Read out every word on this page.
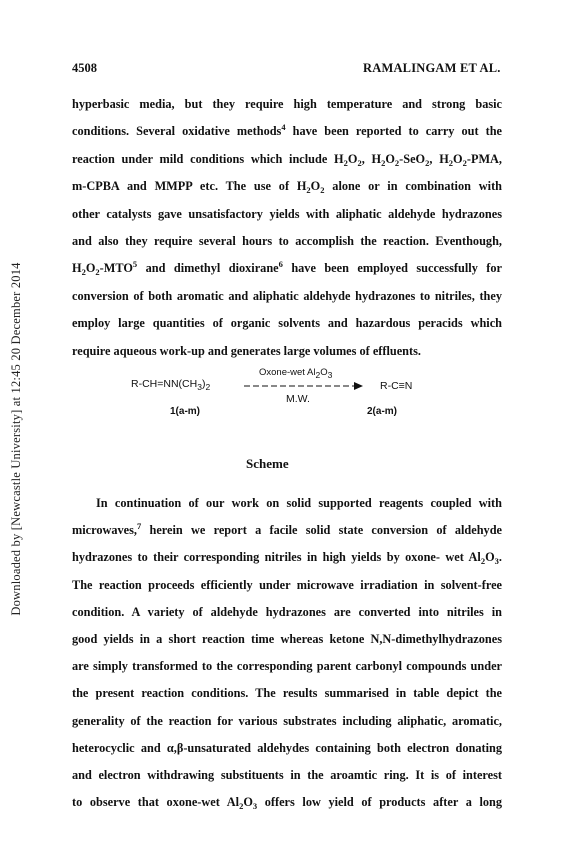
Downloaded by [Newcastle University] at 12:45 20 December 2014
4508	RAMALINGAM ET AL.
hyperbasic media, but they require high temperature and strong basic
conditions. Several oxidative methods$^4$ have been reported to carry out the
reaction under mild conditions which include $H_2O_2$, $H_2O_2-SeO_2$, $H_2O_2$-PMA,
m-CPBA and MMPP etc. The use of $H_2O_2$ alone or in combination with
other catalysts gave unsatisfactory yields with aliphatic aldehyde hydrazones
and also they require several hours to accomplish the reaction. Eventhough,
$H_2O_2-MTO^5$ and dimethyl dioxirane$^6$ have been employed successfully for
conversion of both aromatic and aliphatic aldehyde hydrazones to nitriles, they
employ large quantities of organic solvents and hazardous peracids which
require aqueous work-up and generates large volumes of effluents.
$R-CH=NN(CH_3)_2$
Oxone-wet $Al_2O_3$
M.W.
R-C≡N
1(a-m)	2(a-m)
Scheme
In continuation of our work on solid supported reagents coupled with
microwaves,$^7$ herein we report a facile solid state conversion of aldehyde
hydrazones to their corresponding nitriles in high yields by oxone- wet $Al_2O_3$.
The reaction proceeds efficiently under microwave irradiation in solvent-free
condition. A variety of aldehyde hydrazones are converted into nitriles in
good yields in a short reaction time whereas ketone N,N-dimethylhydrazones
are simply transformed to the corresponding parent carbonyl compounds under
the present reaction conditions. The results summarised in table depict the
generality of the reaction for various substrates including aliphatic, aromatic,
heterocyclic and α,β-unsaturated aldehydes containing both electron donating
and electron withdrawing substituents in the aroamtic ring. It is of interest
to observe that oxone-wet $Al_2O_3$ offers low yield of products after a long
